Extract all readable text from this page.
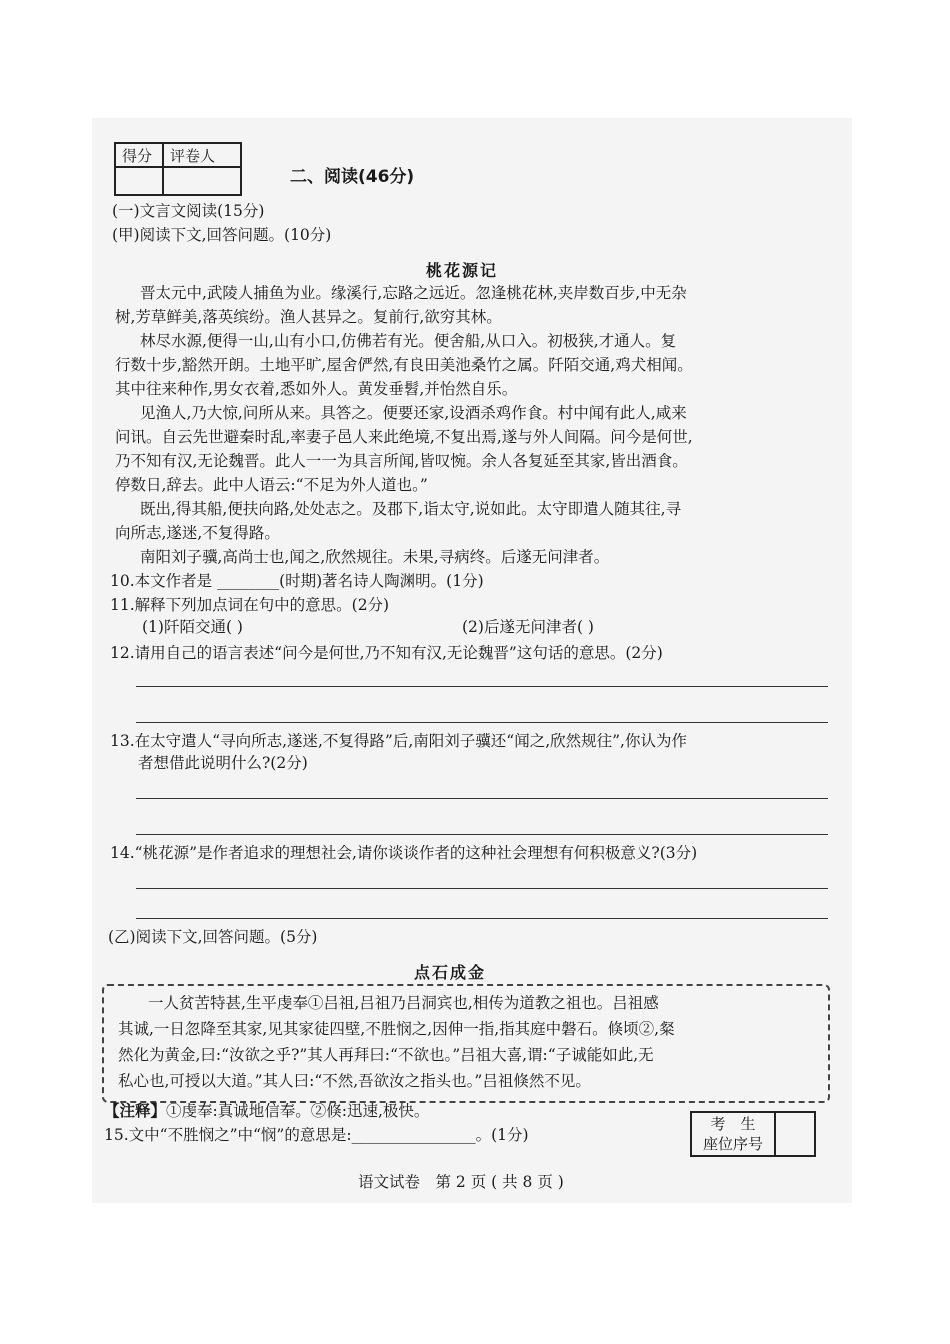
得分	评卷人

二、阅读(46分)
(一)文言文阅读(15分)
(甲)阅读下文,回答问题。(10分)
桃花源记
晋太元中,武陵人捕鱼为业。缘溪行,忘路之远近。忽逢桃花林,夹岸数百步,中无杂
树,芳草鲜美,落英缤纷。渔人甚异之。复前行,欲穷其林。
林尽水源,便得一山,山有小口,仿佛若有光。便舍船,从口入。初极狭,才通人。复
行数十步,豁然开朗。土地平旷,屋舍俨然,有良田美池桑竹之属。阡陌交通,鸡犬相闻。
其中往来种作,男女衣着,悉如外人。黄发垂髫,并怡然自乐。
见渔人,乃大惊,问所从来。具答之。便要还家,设酒杀鸡作食。村中闻有此人,咸来
问讯。自云先世避秦时乱,率妻子邑人来此绝境,不复出焉,遂与外人间隔。问今是何世,
乃不知有汉,无论魏晋。此人一一为具言所闻,皆叹惋。余人各复延至其家,皆出酒食。
停数日,辞去。此中人语云:“不足为外人道也。”
既出,得其船,便扶向路,处处志之。及郡下,诣太守,说如此。太守即遣人随其往,寻
向所志,遂迷,不复得路。
南阳刘子骥,高尚士也,闻之,欣然规往。未果,寻病终。后遂无问津者。
10.本文作者是 ________(时期)著名诗人陶渊明。(1分)
11.解释下列加点词在句中的意思。(2分)
(1)阡陌交通( )	(2)后遂无问津者( )
12.请用自己的语言表述“问今是何世,乃不知有汉,无论魏晋”这句话的意思。(2分)
13.在太守遣人“寻向所志,遂迷,不复得路”后,南阳刘子骥还“闻之,欣然规往”,你认为作
者想借此说明什么?(2分)
14.“桃花源”是作者追求的理想社会,请你谈谈作者的这种社会理想有何积极意义?(3分)
(乙)阅读下文,回答问题。(5分)
点石成金
一人贫苦特甚,生平虔奉①吕祖,吕祖乃吕洞宾也,相传为道教之祖也。吕祖感
其诚,一日忽降至其家,见其家徒四壁,不胜悯之,因伸一指,指其庭中磐石。倏顷②,粲
然化为黄金,曰:“汝欲之乎?”其人再拜曰:“不欲也。”吕祖大喜,谓:“子诚能如此,无
私心也,可授以大道。”其人曰:“不然,吾欲汝之指头也。”吕祖倏然不见。
【注释】①虔奉:真诚地信奉。②倏:迅速,极快。
15.文中“不胜悯之”中“悯”的意思是:________________。(1分)
考　生
座位序号

语文试卷　第 2 页 ( 共 8 页 )
